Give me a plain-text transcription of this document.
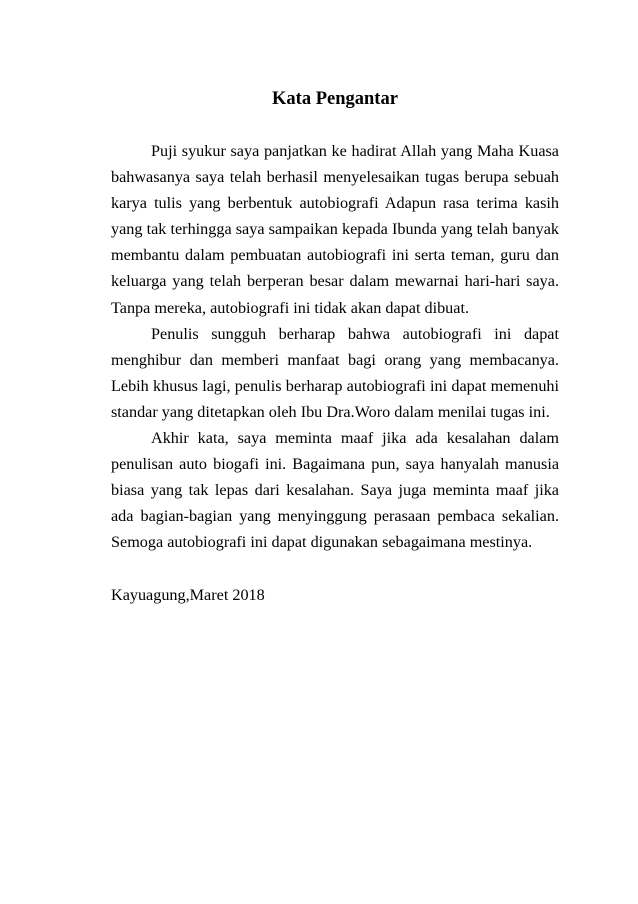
Kata Pengantar

Puji syukur saya panjatkan ke hadirat Allah yang Maha Kuasa bahwasanya saya telah berhasil menyelesaikan tugas berupa sebuah karya tulis yang berbentuk autobiografi Adapun rasa terima kasih yang tak terhingga saya sampaikan kepada Ibunda yang telah banyak membantu dalam pembuatan autobiografi ini serta teman, guru dan keluarga yang telah berperan besar dalam mewarnai hari-hari saya. Tanpa mereka, autobiografi ini tidak akan dapat dibuat.

Penulis sungguh berharap bahwa autobiografi ini dapat menghibur dan memberi manfaat bagi orang yang membacanya. Lebih khusus lagi, penulis berharap autobiografi ini dapat memenuhi standar yang ditetapkan oleh Ibu Dra.Woro dalam menilai tugas ini.

Akhir kata, saya meminta maaf jika ada kesalahan dalam penulisan auto biogafi ini. Bagaimana pun, saya hanyalah manusia biasa yang tak lepas dari kesalahan. Saya juga meminta maaf jika ada bagian-bagian yang menyinggung perasaan pembaca sekalian. Semoga autobiografi ini dapat digunakan sebagaimana mestinya.

Kayuagung,Maret 2018
